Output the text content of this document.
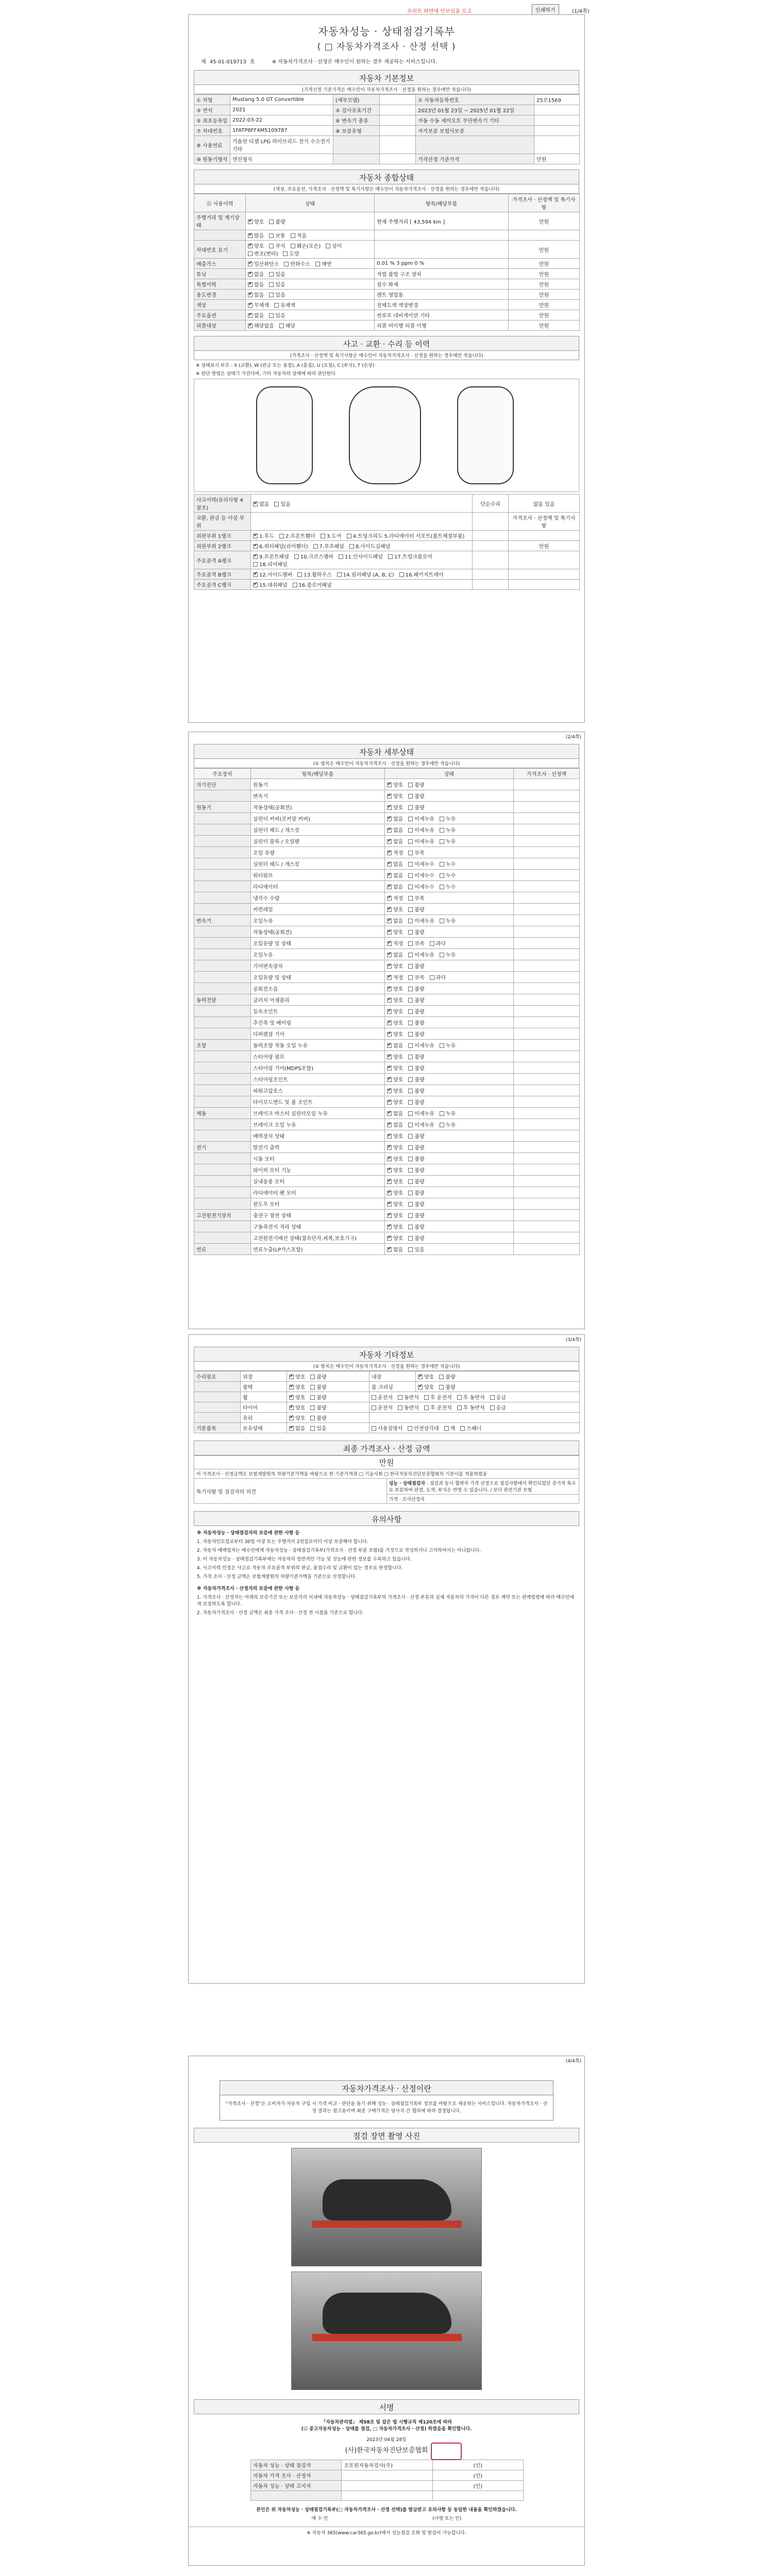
프린트 화면에 안보임을 로고	인쇄하기	(1/4쪽)
자동차성능 · 상태점검기록부
( □ 자동차가격조사 · 산정 선택 )
제 45-01-019713 호	※ 자동차가격조사 · 산정은 매수인이 원하는 경우 제공하는 서비스입니다.
자동차 기본정보
(가격산정 기준가격은 매수인이 자동차가격조사 · 산정을 원하는 경우에만 적습니다)
① 차명	Mustang 5.0 GT Convertible	(세부모델)		② 자동차등록번호	25로1569
③ 연식	2021	④ 검사유효기간		2023년 01월 23일 ~ 2025년 01월 22일	
⑤ 최초등록일	2022-03-22	⑥ 변속기 종류		자동 수동 세미오토 무단변속기 기타	
⑦ 차대번호	1FATP8FF4M5109787	⑧ 보증유형		자가보증 보험사보증	
⑨ 사용연료	가솔린 디젤 LPG 하이브리드 전기 수소전기 기타				
⑩ 원동기형식	엔진형식			가격산정 기준가격	만원
자동차 종합상태
(색상, 주요옵션, 가격조사 · 산정액 및 특기사항은 매수인이 자동차가격조사 · 산정을 원하는 경우에만 적습니다)
⑪ 사용이력	상태	항목/해당부품	가격조사 · 산정액 및 특기사항
주행거리 및 계기상태	✔양호 불량	현재 주행거리 [ 43,594 km ]	만원
	✔많음 보통 적음		
차대번호 표기	✔양호 부식 훼손(오손) 상이변조(변타) 도말		만원
배출가스	✔일산화탄소 탄화수소 매연	0.01 % 3 ppm 0 %	만원
튜닝	✔없음 있음	적법 불법 구조 장치	만원
특별이력	✔없음 있음	침수 화재	만원
용도변경	✔없음 있음	렌트 영업용	만원
색상	✔무채색 유채색	전체도색 색상변경	만원
주요옵션	✔없음 있음	썬루프 네비게이션 기타	만원
리콜대상	✔해당없음 해당	리콜 미이행 리콜 이행	만원
사고 · 교환 · 수리 등 이력
(가격조사 · 산정액 및 특기사항은 매수인이 자동차가격조사 · 산정을 원하는 경우에만 적습니다)
※ 상태표시 부호 : X (교환), W (판금 또는 용접), A (흠집), U (요철), C (부식), T (손상)
※ 판단 방법은 상태기 가진다며, 기타 자동차의 상태에 따라 판단한다
사고이력(유의사항 4 참조)	✔없음 있음	단순수리	없음 있음
교환, 판금 등 이상 부위			가격조사 · 산정액 및 특기사항
외판부위 1랭크	✔1.후드 2.프론트휀더 3.도어 4.트렁크리드 5.라디에이터 서포트(볼트체결부품)		
외판부위 2랭크	✔6.쿼터패널(리어휀더) 7.루프패널 8.사이드실패널		만원
주요골격 A랭크	✔9.프론트패널 10.크로스멤버 11.인사이드패널 17.트렁크플로어18.리어패널		
주요골격 B랭크	✔12.사이드멤버 13.휠하우스 14.필러패널 (A, B, C) 16.패키지트레이		
주요골격 C랭크	✔15.대쉬패널 16.플로어패널		
(2/4쪽)
자동차 세부상태
(① 항목은 매수인이 자동차가격조사 · 산정을 원하는 경우에만 적습니다)
주요장치	항목/해당부품	상태	가격조사 · 산정액
자기진단	원동기	✔양호 불량	
	변속기	✔양호 불량	
원동기	작동상태(공회전)	✔양호 불량	
	실린더 커버(로커암 커버)	✔없음 미세누유 누유	
	실린더 헤드 / 개스킷	✔없음 미세누유 누유	
	실린더 블록 / 오일팬	✔없음 미세누유 누유	
	오일 유량	✔적정 부족	
	실린더 헤드 / 개스킷	✔없음 미세누수 누수	
	워터펌프	✔없음 미세누수 누수	
	라디에이터	✔없음 미세누수 누수	
	냉각수 수량	✔적정 부족	
	커먼레일	✔양호 불량	
변속기	오일누유	✔없음 미세누유 누유	
	작동상태(공회전)	✔양호 불량	
	오일유량 및 상태	✔적정 부족 과다	
	오일누유	✔없음 미세누유 누유	
	기어변속장치	✔양호 불량	
	오일유량 및 상태	✔적정 부족 과다	
	공회전소음	✔양호 불량	
동력전달	클러치 어셈블리	✔양호 불량	
	등속조인트	✔양호 불량	
	추진축 및 베어링	✔양호 불량	
	디퍼렌셜 기어	✔양호 불량	
조향	동력조향 작동 오일 누유	✔없음 미세누유 누유	
	스티어링 펌프	✔양호 불량	
	스티어링 기어(MDPS포함)	✔양호 불량	
	스티어링조인트	✔양호 불량	
	파워고압호스	✔양호 불량	
	타이로드엔드 및 볼 조인트	✔양호 불량	
제동	브레이크 마스터 실린더오일 누유	✔없음 미세누유 누유	
	브레이크 오일 누유	✔없음 미세누유 누유	
	배력장치 상태	✔양호 불량	
전기	발전기 출력	✔양호 불량	
	시동 모터	✔양호 불량	
	와이퍼 모터 기능	✔양호 불량	
	실내송풍 모터	✔양호 불량	
	라디에이터 팬 모터	✔양호 불량	
	윈도우 모터	✔양호 불량	
고전원전기장치	충전구 절연 상태	✔양호 불량	
	구동축전지 격리 상태	✔양호 불량	
	고전원전기배선 상태(접속단자,피복,보호기구)	✔양호 불량	
연료	연료누출(LP가스포함)	✔없음 있음	
(3/4쪽)
자동차 기타정보
(① 항목은 매수인이 자동차가격조사 · 산정을 원하는 경우에만 적습니다)
수리필요	외장	✔양호 불량	내장	✔양호 불량
	광택	✔양호 불량	룸 크리닝	✔양호 불량
	휠	✔양호 불량	운전석 동반석 후 운전석 후 동반석 응급	
	타이어	✔양호 불량	운전석 동반석 후 운전석 후 동반석 응급	
	유리	✔양호 불량	
기본품목	보유상태	✔없음 있음	사용설명서 안전삼각대 잭 스패너	
최종 가격조사 · 산정 금액
만원
이 가격조사 · 산정금액은 보험개발원의 차량기준가액을 바탕으로 한 기준가격과 □ 기술사회 □ 한국자동차진단보증협회의 기준서를 적용하였음
특기사항 및 점검자의 의견	성능 · 상태점검자 : 점검과 동시 협력자 가격 산정으로 점검사항에서 확인되었던 증가적 특수로 부분하여 판결, 도색, 부식은 반영 수 있습니다. / 보다 관련기관 보험
가격 · 조사산정자
유의사항

※ 자동차성능 · 상태점검자의 보증에 관한 사항 등

1. 자동차인도일로부터 30일 이상 또는 주행거리 2천킬로미터 이상 보증해야 합니다.

2. 자동차 매매업자는 매수인에게 자동차성능 · 상태점검기록부(가격조사 · 산정 부분 포함)를 거짓으로 작성하거나 고지하여서는 아니됩니다.

3. 이 자동차성능 · 상태점검기록부에는 자동차의 일반적인 기능 및 성능에 관한 정보를 수록하고 있습니다.

4. 사고이력 인정은 사고로 자동차 주요골격 부위의 판금, 용접수리 및 교환이 있는 경우로 한정합니다.

5. 가격 조사 · 산정 금액은 보험개발원의 차량기준가액을 기준으로 산정합니다.

※ 자동차가격조사 · 산정자의 보증에 관한 사항 등

1. 가격조사 · 산정자는 아래의 보증기간 또는 보증거리 이내에 자동차성능 · 상태점검기록부의 가격조사 · 산정 부분과 실제 자동차의 가격이 다른 경우 계약 또는 관계법령에 따라 매수인에게 보상하도록 합니다.

2. 자동차가격조사 · 산정 금액은 최종 가격 조사 · 산정 전 시점을 기준으로 합니다.

(4/4쪽)
자동차가격조사 · 산정이란
"가격조사 · 산정"은 소비자가 자동차 구입 시 가격 비교 · 판단을 돕기 위해 성능 · 상태점검기록부 정보를 바탕으로 제공하는 서비스입니다. 자동차가격조사 · 산정 결과는 참고용이며 최종 구매가격은 당사자 간 협의에 따라 결정됩니다.
점검 장면 촬영 사진
서명
「자동차관리법」 제58조 및 같은 법 시행규칙 제120조에 따라
(☑ 중고자동차성능 · 상태를 점검, □ 자동차가격조사 · 산정) 하였음을 확인합니다.
2023년 04월 28일
(사)한국자동차진단보증협회
자동차 성능 · 상태 점검자	오토원자동차검사(주)	(인)
자동차 가격 조사 · 산정자		(인)
자동차 성능 · 상태 고지자		(인)

본인은 위 자동차성능 · 상태점검기록부(□ 자동차가격조사 · 산정 선택)를 발급받고 유의사항 등 동일한 내용을 확인하였습니다.
매 수 인	(서명 또는 인)
※ 자동차 365(www.car365.go.kr)에서 성능점검 조회 및 발급이 가능합니다.
